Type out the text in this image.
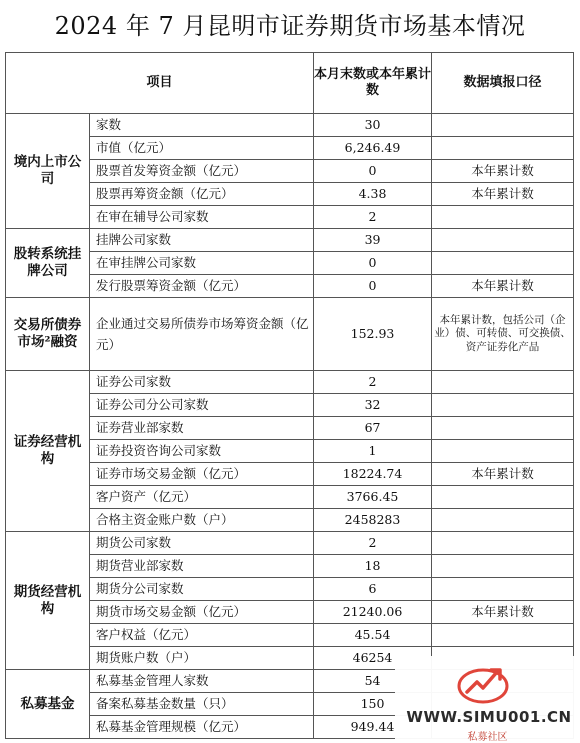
2024 年 7 月昆明市证券期货市场基本情况
项目		本月末数或本年累计数	数据填报口径
境内上市公司	家数	30	
	市值（亿元）	6,246.49	
	股票首发筹资金额（亿元）	0	本年累计数
	股票再筹资金额（亿元）	4.38	本年累计数
	在审在辅导公司家数	2	
股转系统挂牌公司	挂牌公司家数	39	
	在审挂牌公司家数	0	
	发行股票筹资金额（亿元）	0	本年累计数
交易所债券市场²融资	企业通过交易所债券市场筹资金额（亿元）	152.93	本年累计数，包括公司（企业）债、可转债、可交换债、资产证券化产品
证券经营机构	证券公司家数	2	
	证券公司分公司家数	32	
	证券营业部家数	67	
	证券投资咨询公司家数	1	
	证券市场交易金额（亿元）	18224.74	本年累计数
	客户资产（亿元）	3766.45	
	合格主资金账户数（户）	2458283	
期货经营机构	期货公司家数	2	
	期货营业部家数	18	
	期货分公司家数	6	
	期货市场交易金额（亿元）	21240.06	本年累计数
	客户权益（亿元）	45.54	
	期货账户数（户）	46254	
私募基金	私募基金管理人家数	54	
	备案私募基金数量（只）	150	
	私募基金管理规模（亿元）	949.44	
WWW.SIMU001.CN
私募社区
